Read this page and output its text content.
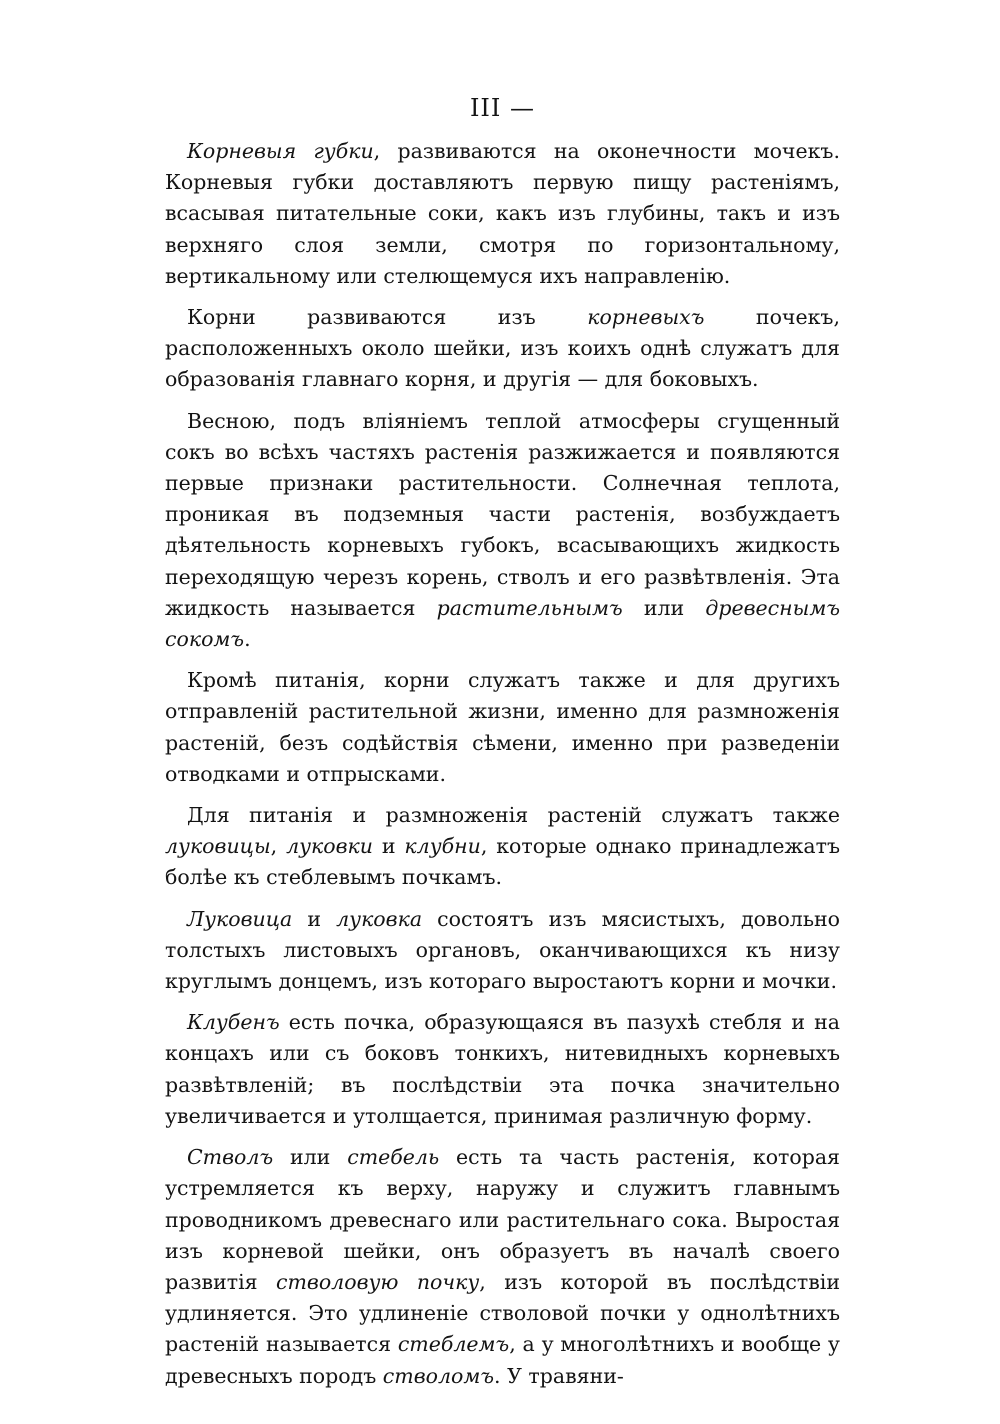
III —

Корневыя губки, развиваются на оконечности мочекъ. Корневыя губки доставляютъ первую пищу растеніямъ, всасывая питательные соки, какъ изъ глубины, такъ и изъ верхняго слоя земли, смотря по горизонтальному, вертикальному или стелющемуся ихъ направленію.

Корни развиваются изъ корневыхъ почекъ, расположенныхъ около шейки, изъ коихъ однѣ служатъ для образованія главнаго корня, и другія — для боковыхъ.

Весною, подъ вліяніемъ теплой атмосферы сгущенный сокъ во всѣхъ частяхъ растенія разжижается и появляются первые признаки растительности. Солнечная теплота, проникая въ подземныя части растенія, возбуждаетъ дѣятельность корневыхъ губокъ, всасывающихъ жидкость переходящую черезъ корень, стволъ и его развѣтвленія. Эта жидкость называется растительнымъ или древеснымъ сокомъ.

Кромѣ питанія, корни служатъ также и для другихъ отправленій растительной жизни, именно для размноженія растеній, безъ содѣйствія сѣмени, именно при разведеніи отводками и отпрысками.

Для питанія и размноженія растеній служатъ также луковицы, луковки и клубни, которые однако принадлежатъ болѣе къ стеблевымъ почкамъ.

Луковица и луковка состоятъ изъ мясистыхъ, довольно толстыхъ листовыхъ органовъ, оканчивающихся къ низу круглымъ донцемъ, изъ котораго выростаютъ корни и мочки.

Клубенъ есть почка, образующаяся въ пазухѣ стебля и на концахъ или съ боковъ тонкихъ, нитевидныхъ корневыхъ развѣтвленій; въ послѣдствіи эта почка значительно увеличивается и утолщается, принимая различную форму.

Стволъ или стебель есть та часть растенія, которая устремляется къ верху, наружу и служитъ главнымъ проводникомъ древеснаго или растительнаго сока. Выростая изъ корневой шейки, онъ образуетъ въ началѣ своего развитія стволовую почку, изъ которой въ послѣдствіи удлиняется. Это удлиненіе стволовой почки у однолѣтнихъ растеній называется стеблемъ, а у многолѣтнихъ и вообще у древесныхъ породъ стволомъ. У травяни-
